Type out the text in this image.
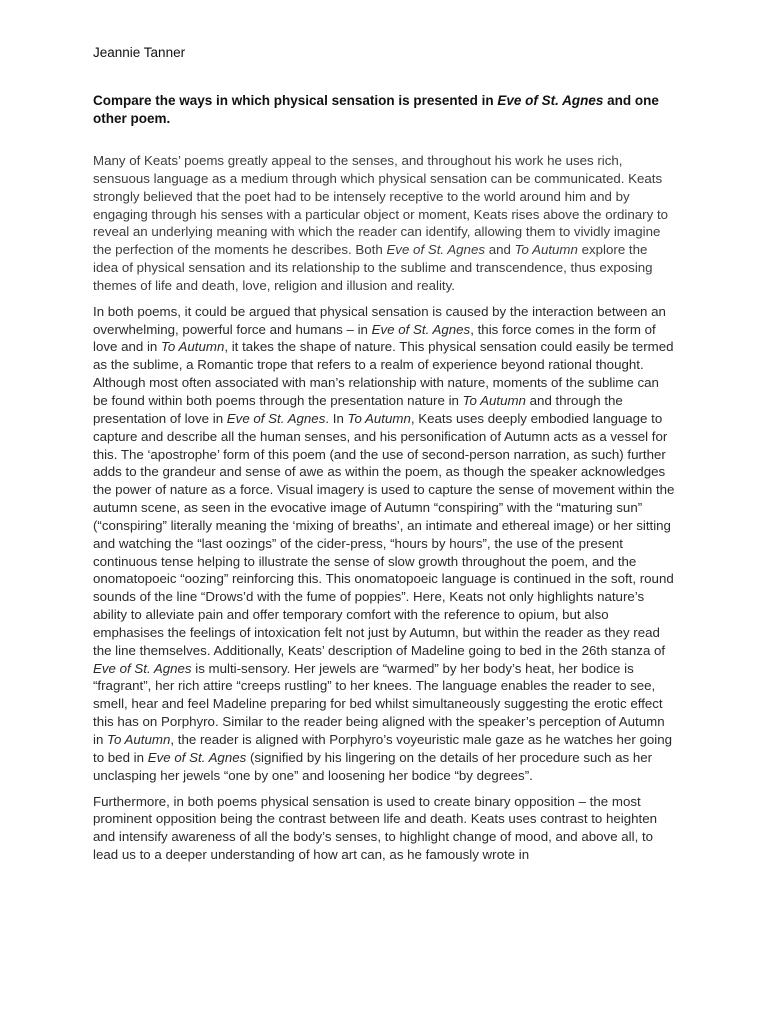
Jeannie Tanner
Compare the ways in which physical sensation is presented in Eve of St. Agnes and one other poem.

Many of Keats’ poems greatly appeal to the senses, and throughout his work he uses rich, sensuous language as a medium through which physical sensation can be communicated. Keats strongly believed that the poet had to be intensely receptive to the world around him and by engaging through his senses with a particular object or moment, Keats rises above the ordinary to reveal an underlying meaning with which the reader can identify, allowing them to vividly imagine the perfection of the moments he describes. Both Eve of St. Agnes and To Autumn explore the idea of physical sensation and its relationship to the sublime and transcendence, thus exposing themes of life and death, love, religion and illusion and reality.

In both poems, it could be argued that physical sensation is caused by the interaction between an overwhelming, powerful force and humans – in Eve of St. Agnes, this force comes in the form of love and in To Autumn, it takes the shape of nature. This physical sensation could easily be termed as the sublime, a Romantic trope that refers to a realm of experience beyond rational thought. Although most often associated with man’s relationship with nature, moments of the sublime can be found within both poems through the presentation nature in To Autumn and through the presentation of love in Eve of St. Agnes. In To Autumn, Keats uses deeply embodied language to capture and describe all the human senses, and his personification of Autumn acts as a vessel for this. The ‘apostrophe’ form of this poem (and the use of second-person narration, as such) further adds to the grandeur and sense of awe as within the poem, as though the speaker acknowledges the power of nature as a force. Visual imagery is used to capture the sense of movement within the autumn scene, as seen in the evocative image of Autumn “conspiring” with the “maturing sun” (“conspiring” literally meaning the ‘mixing of breaths’, an intimate and ethereal image) or her sitting and watching the “last oozings” of the cider-press, “hours by hours”, the use of the present continuous tense helping to illustrate the sense of slow growth throughout the poem, and the onomatopoeic “oozing” reinforcing this. This onomatopoeic language is continued in the soft, round sounds of the line “Drows’d with the fume of poppies”. Here, Keats not only highlights nature’s ability to alleviate pain and offer temporary comfort with the reference to opium, but also emphasises the feelings of intoxication felt not just by Autumn, but within the reader as they read the line themselves. Additionally, Keats’ description of Madeline going to bed in the 26th stanza of Eve of St. Agnes is multi-sensory. Her jewels are “warmed” by her body’s heat, her bodice is “fragrant”, her rich attire “creeps rustling” to her knees. The language enables the reader to see, smell, hear and feel Madeline preparing for bed whilst simultaneously suggesting the erotic effect this has on Porphyro. Similar to the reader being aligned with the speaker’s perception of Autumn in To Autumn, the reader is aligned with Porphyro’s voyeuristic male gaze as he watches her going to bed in Eve of St. Agnes (signified by his lingering on the details of her procedure such as her unclasping her jewels “one by one” and loosening her bodice “by degrees”.

Furthermore, in both poems physical sensation is used to create binary opposition – the most prominent opposition being the contrast between life and death. Keats uses contrast to heighten and intensify awareness of all the body’s senses, to highlight change of mood, and above all, to lead us to a deeper understanding of how art can, as he famously wrote in
